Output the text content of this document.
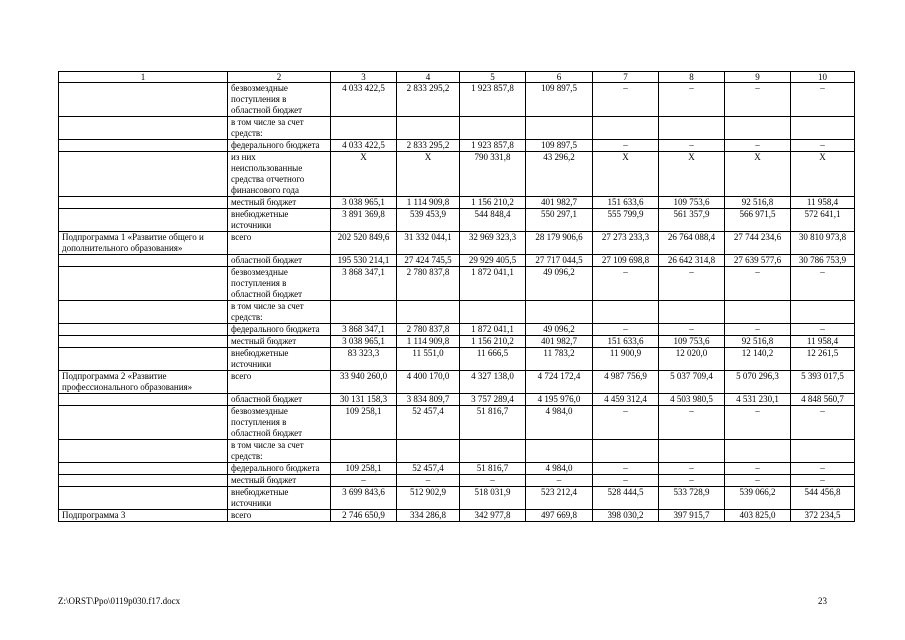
1	2	3	4	5	6	7	8	9	10
	безвозмездные поступления в областной бюджет	4 033 422,5	2 833 295,2	1 923 857,8	109 897,5	–	–	–	–
	в том числе за счет средств:								
	федерального бюджета	4 033 422,5	2 833 295,2	1 923 857,8	109 897,5	–	–	–	–
	из них неиспользованные средства отчетного финансового года	Х	Х	790 331,8	43 296,2	Х	Х	Х	Х
	местный бюджет	3 038 965,1	1 114 909,8	1 156 210,2	401 982,7	151 633,6	109 753,6	92 516,8	11 958,4
	внебюджетные источники	3 891 369,8	539 453,9	544 848,4	550 297,1	555 799,9	561 357,9	566 971,5	572 641,1
Подпрограмма 1 «Развитие общего и дополнительного образования»	всего	202 520 849,6	31 332 044,1	32 969 323,3	28 179 906,6	27 273 233,3	26 764 088,4	27 744 234,6	30 810 973,8
	областной бюджет	195 530 214,1	27 424 745,5	29 929 405,5	27 717 044,5	27 109 698,8	26 642 314,8	27 639 577,6	30 786 753,9
	безвозмездные поступления в областной бюджет	3 868 347,1	2 780 837,8	1 872 041,1	49 096,2	–	–	–	–
	в том числе за счет средств:								
	федерального бюджета	3 868 347,1	2 780 837,8	1 872 041,1	49 096,2	–	–	–	–
	местный бюджет	3 038 965,1	1 114 909,8	1 156 210,2	401 982,7	151 633,6	109 753,6	92 516,8	11 958,4
	внебюджетные источники	83 323,3	11 551,0	11 666,5	11 783,2	11 900,9	12 020,0	12 140,2	12 261,5
Подпрограмма 2 «Развитие профессионального образования»	всего	33 940 260,0	4 400 170,0	4 327 138,0	4 724 172,4	4 987 756,9	5 037 709,4	5 070 296,3	5 393 017,5
	областной бюджет	30 131 158,3	3 834 809,7	3 757 289,4	4 195 976,0	4 459 312,4	4 503 980,5	4 531 230,1	4 848 560,7
	безвозмездные поступления в областной бюджет	109 258,1	52 457,4	51 816,7	4 984,0	–	–	–	–
	в том числе за счет средств:								
	федерального бюджета	109 258,1	52 457,4	51 816,7	4 984,0	–	–	–	–
	местный бюджет	–	–	–	–	–	–	–	–
	внебюджетные источники	3 699 843,6	512 902,9	518 031,9	523 212,4	528 444,5	533 728,9	539 066,2	544 456,8
Подпрограмма 3	всего	2 746 650,9	334 286,8	342 977,8	497 669,8	398 030,2	397 915,7	403 825,0	372 234,5
Z:\ORST\Ppo\0119p030.f17.docx	23
